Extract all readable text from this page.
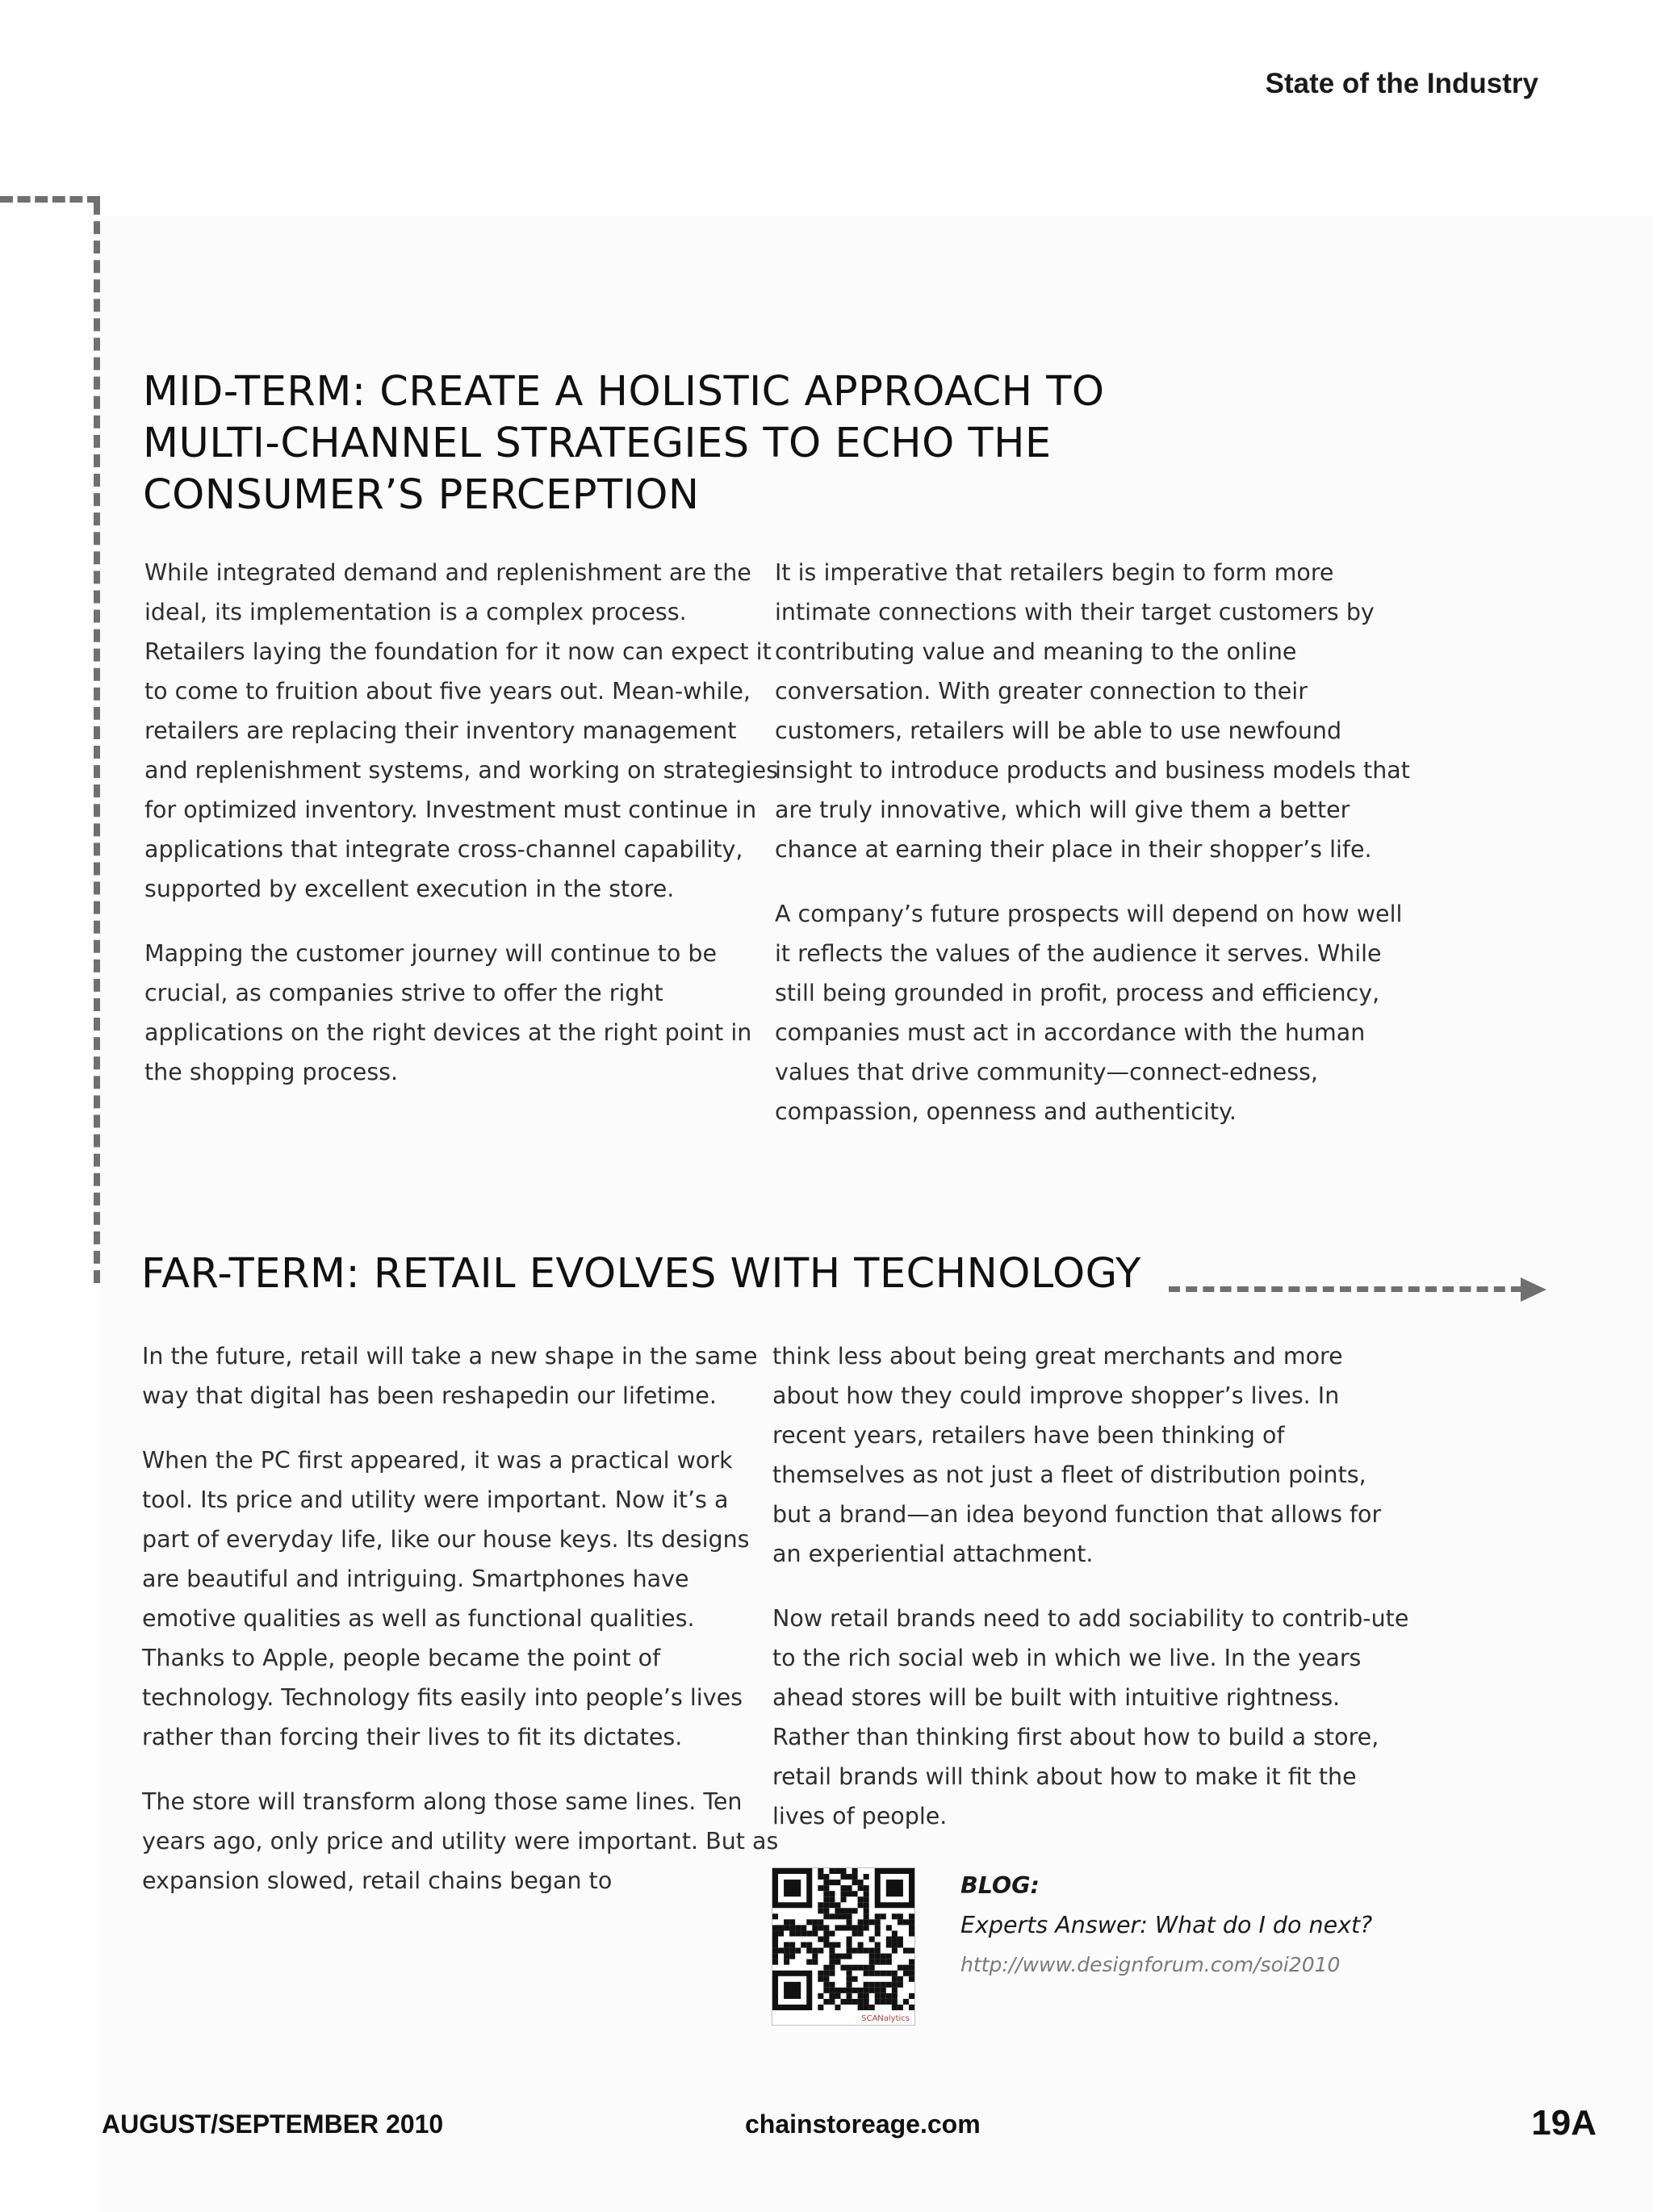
State of the Industry

MID-TERM: CREATE A HOLISTIC APPROACH TO MULTI-CHANNEL STRATEGIES TO ECHO THE CONSUMER’S PERCEPTION

While integrated demand and replenishment are the ideal, its implementation is a complex process. Retailers laying the foundation for it now can expect it to come to fruition about five years out. Mean-while, retailers are replacing their inventory management and replenishment systems, and working on strategies for optimized inventory. Investment must continue in applications that integrate cross-channel capability, supported by excellent execution in the store.

Mapping the customer journey will continue to be crucial, as companies strive to offer the right applications on the right devices at the right point in the shopping process.

It is imperative that retailers begin to form more intimate connections with their target customers by contributing value and meaning to the online conversation. With greater connection to their customers, retailers will be able to use newfound insight to introduce products and business models that are truly innovative, which will give them a better chance at earning their place in their shopper’s life.

A company’s future prospects will depend on how well it reflects the values of the audience it serves. While still being grounded in profit, process and efficiency, companies must act in accordance with the human values that drive community—connect-edness, compassion, openness and authenticity.

FAR-TERM: RETAIL EVOLVES WITH TECHNOLOGY

In the future, retail will take a new shape in the same way that digital has been reshapedin our lifetime.

When the PC first appeared, it was a practical work tool. Its price and utility were important. Now it’s a part of everyday life, like our house keys. Its designs are beautiful and intriguing. Smartphones have emotive qualities as well as functional qualities. Thanks to Apple, people became the point of technology. Technology fits easily into people’s lives rather than forcing their lives to fit its dictates.

The store will transform along those same lines. Ten years ago, only price and utility were important. But as expansion slowed, retail chains began to

think less about being great merchants and more about how they could improve shopper’s lives. In recent years, retailers have been thinking of themselves as not just a fleet of distribution points, but a brand—an idea beyond function that allows for an experiential attachment.

Now retail brands need to add sociability to contrib-ute to the rich social web in which we live. In the years ahead stores will be built with intuitive rightness. Rather than thinking first about how to build a store, retail brands will think about how to make it fit the lives of people.

SCANalytics
BLOG:
Experts Answer: What do I do next?
http://www.designforum.com/soi2010

AUGUST/SEPTEMBER 2010	chainstoreage.com	19A
